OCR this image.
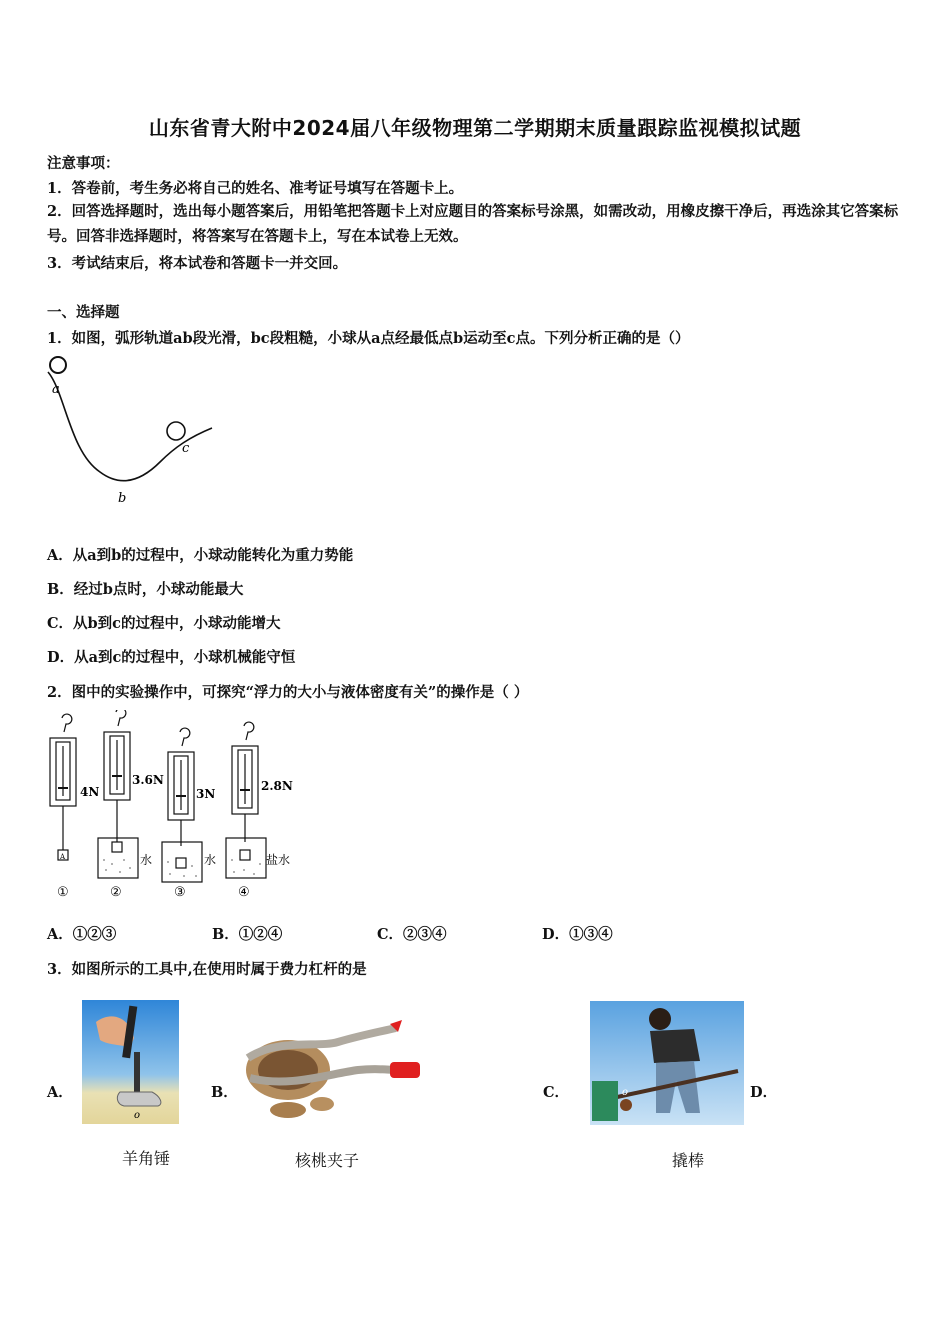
山东省青大附中2024届八年级物理第二学期期末质量跟踪监视模拟试题
注意事项：
1．答卷前，考生务必将自己的姓名、准考证号填写在答题卡上。
2．回答选择题时，选出每小题答案后，用铅笔把答题卡上对应题目的答案标号涂黑，如需改动，用橡皮擦干净后，再选涂其它答案标号。回答非选择题时，将答案写在答题卡上，写在本试卷上无效。
3．考试结束后，将本试卷和答题卡一并交回。
一、选择题
1．如图，弧形轨道ab段光滑，bc段粗糙，小球从a点经最低点b运动至c点。下列分析正确的是（）
a
b
c
A．从a到b的过程中，小球动能转化为重力势能
B．经过b点时，小球动能最大
C．从b到c的过程中，小球动能增大
D．从a到c的过程中，小球机械能守恒
2．图中的实验操作中，可探究“浮力的大小与液体密度有关”的操作是（ ）
4N
3.6N
水
3N
水
2.8N
盐水
A
①	②	③	④
A．①②③	B．①②④	C．②③④	D．①③④
3．如图所示的工具中,在使用时属于费力杠杆的是
A．
o
B．	C．	o	D．
羊角锤	核桃夹子	撬棒
